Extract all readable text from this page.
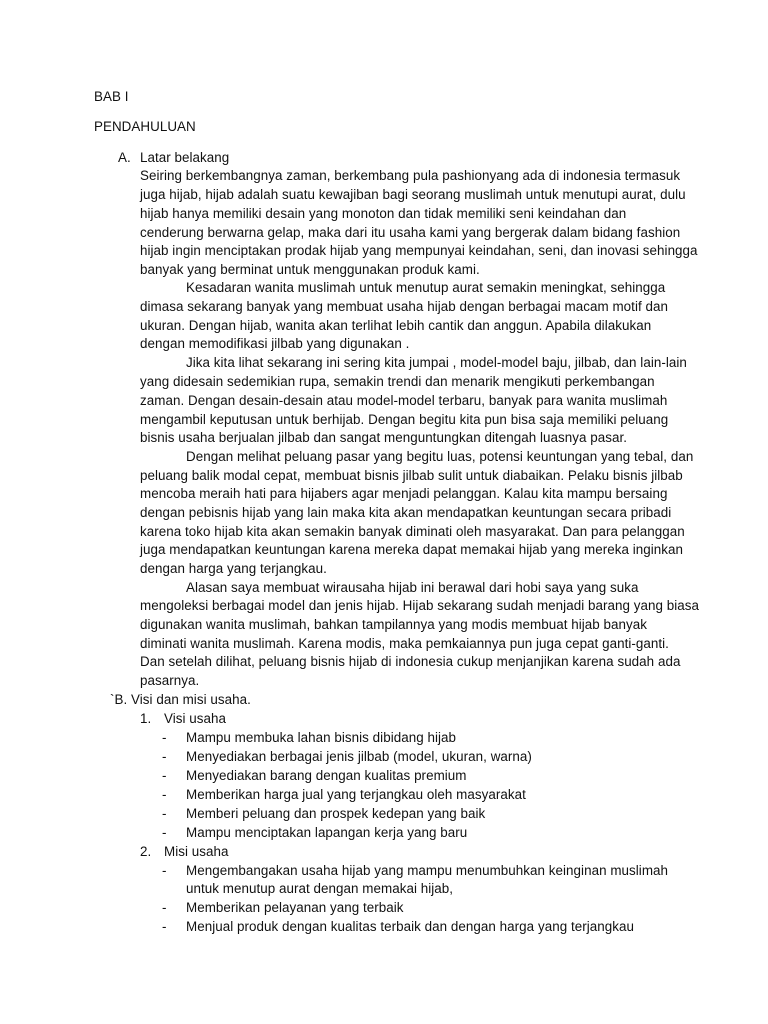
BAB I
PENDAHULUAN
A. Latar belakang
Seiring berkembangnya zaman, berkembang pula pashionyang ada di indonesia termasuk
juga hijab, hijab adalah suatu kewajiban bagi seorang muslimah untuk menutupi aurat, dulu
hijab hanya memiliki desain yang monoton dan tidak memiliki seni keindahan dan
cenderung berwarna gelap, maka dari itu usaha kami yang bergerak dalam bidang fashion
hijab ingin menciptakan prodak hijab yang mempunyai keindahan, seni, dan inovasi sehingga
banyak yang berminat untuk menggunakan produk kami.
Kesadaran wanita muslimah untuk menutup aurat semakin meningkat, sehingga
dimasa sekarang banyak yang membuat usaha hijab dengan berbagai macam motif dan
ukuran. Dengan hijab, wanita akan terlihat lebih cantik dan anggun. Apabila dilakukan
dengan memodifikasi jilbab yang digunakan .
Jika kita lihat sekarang ini sering kita jumpai , model-model baju, jilbab, dan lain-lain
yang didesain sedemikian rupa, semakin trendi dan menarik mengikuti perkembangan
zaman. Dengan desain-desain atau model-model terbaru, banyak para wanita muslimah
mengambil keputusan untuk berhijab. Dengan begitu kita pun bisa saja memiliki peluang
bisnis usaha berjualan jilbab dan sangat menguntungkan ditengah luasnya pasar.
Dengan melihat peluang pasar yang begitu luas, potensi keuntungan yang tebal, dan
peluang balik modal cepat, membuat bisnis jilbab sulit untuk diabaikan. Pelaku bisnis jilbab
mencoba meraih hati para hijabers agar menjadi pelanggan. Kalau kita mampu bersaing
dengan pebisnis hijab yang lain maka kita akan mendapatkan keuntungan secara pribadi
karena toko hijab kita akan semakin banyak diminati oleh masyarakat. Dan para pelanggan
juga mendapatkan keuntungan karena mereka dapat memakai hijab yang mereka inginkan
dengan harga yang terjangkau.
Alasan saya membuat wirausaha hijab ini berawal dari hobi saya yang suka
mengoleksi berbagai model dan jenis hijab. Hijab sekarang sudah menjadi barang yang biasa
digunakan wanita muslimah, bahkan tampilannya yang modis membuat hijab banyak
diminati wanita muslimah. Karena modis, maka pemkaiannya pun juga cepat ganti-ganti.
Dan setelah dilihat, peluang bisnis hijab di indonesia cukup menjanjikan karena sudah ada
pasarnya.
`B. Visi dan misi usaha.
1. Visi usaha
- Mampu membuka lahan bisnis dibidang hijab
- Menyediakan berbagai jenis jilbab (model, ukuran, warna)
- Menyediakan barang dengan kualitas premium
- Memberikan harga jual yang terjangkau oleh masyarakat
- Memberi peluang dan prospek kedepan yang baik
- Mampu menciptakan lapangan kerja yang baru
2. Misi usaha
- Mengembangakan usaha hijab yang mampu menumbuhkan keinginan muslimah
untuk menutup aurat dengan memakai hijab,
- Memberikan pelayanan yang terbaik
- Menjual produk dengan kualitas terbaik dan dengan harga yang terjangkau
